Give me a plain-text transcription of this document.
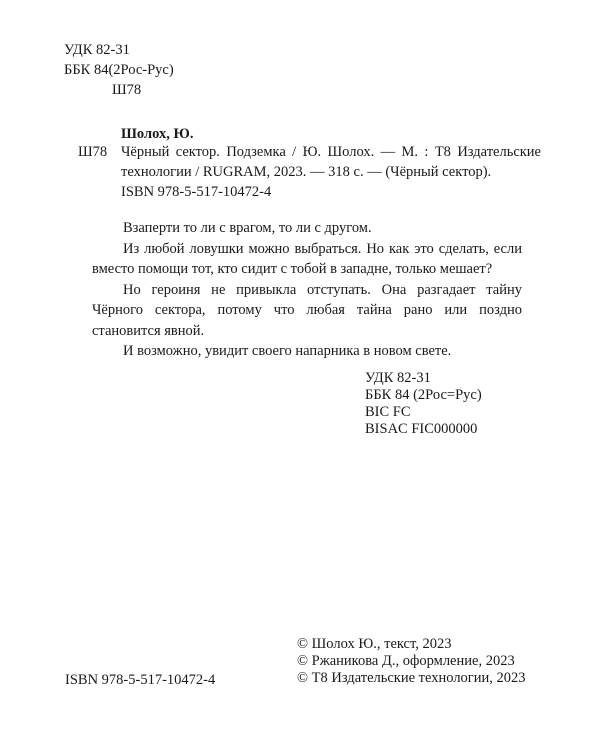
УДК 82-31
ББК 84(2Рос-Рус)
Ш78
Шолох, Ю.
Ш78 Чёрный сектор. Подземка / Ю. Шолох. — М. : Т8 Издательские технологии / RUGRAM, 2023. — 318 с. — (Чёрный сектор).
ISBN 978-5-517-10472-4

Взаперти то ли с врагом, то ли с другом.

Из любой ловушки можно выбраться. Но как это сделать, если вместо помощи тот, кто сидит с тобой в западне, только мешает?

Но героиня не привыкла отступать. Она разгадает тайну Чёрного сектора, потому что любая тайна рано или поздно становится явной.

И возможно, увидит своего напарника в новом свете.

УДК 82-31
ББК 84 (2Рос=Рус)
BIC FC
BISAC FIC000000
ISBN 978-5-517-10472-4
© Шолох Ю., текст, 2023
© Ржаникова Д., оформление, 2023
© Т8 Издательские технологии, 2023
